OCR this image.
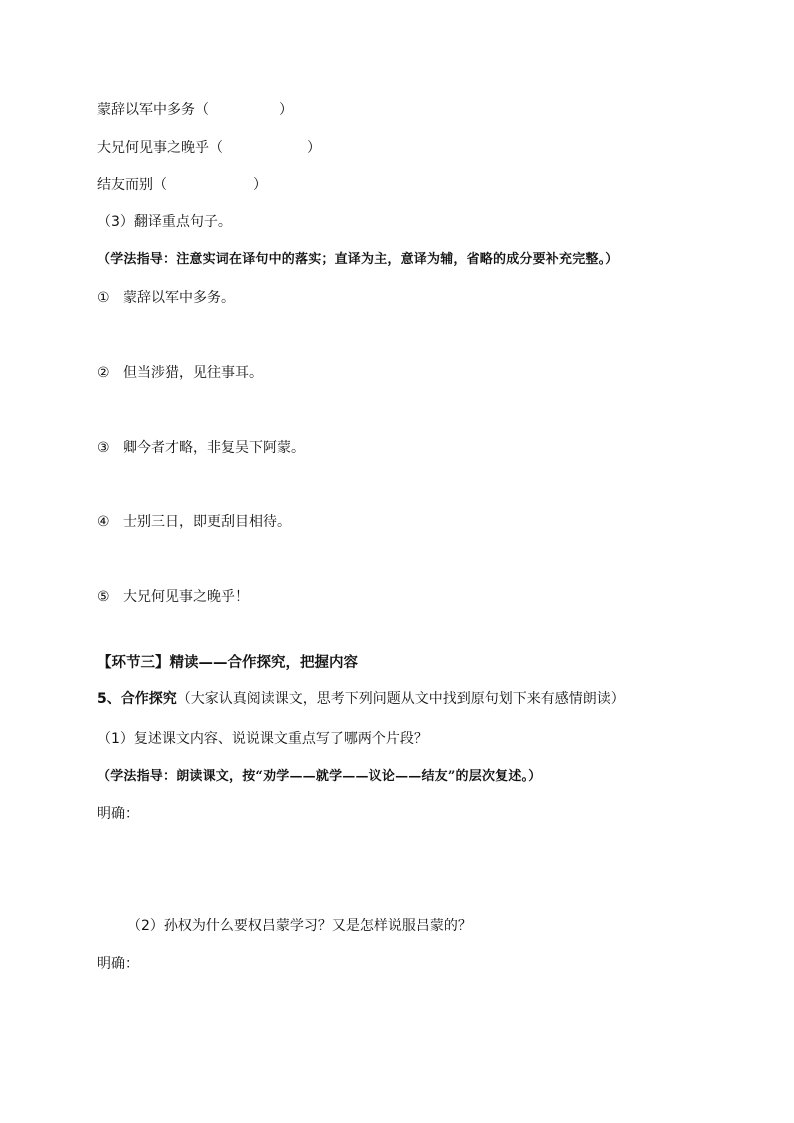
蒙辞以军中多务（	）
大兄何见事之晚乎（	）
结友而别（	）
（3）翻译重点句子。
（学法指导：注意实词在译句中的落实；直译为主，意译为辅，省略的成分要补充完整。）
① 蒙辞以军中多务。
② 但当涉猎，见往事耳。
③ 卿今者才略，非复吴下阿蒙。
④ 士别三日，即更刮目相待。
⑤ 大兄何见事之晚乎！
【环节三】精读——合作探究，把握内容
5、合作探究（大家认真阅读课文，思考下列问题从文中找到原句划下来有感情朗读）
（1）复述课文内容、说说课文重点写了哪两个片段？
（学法指导：朗读课文，按“劝学——就学——议论——结友”的层次复述。）
明确：
（2）孙权为什么要权吕蒙学习？又是怎样说服吕蒙的？
明确：
